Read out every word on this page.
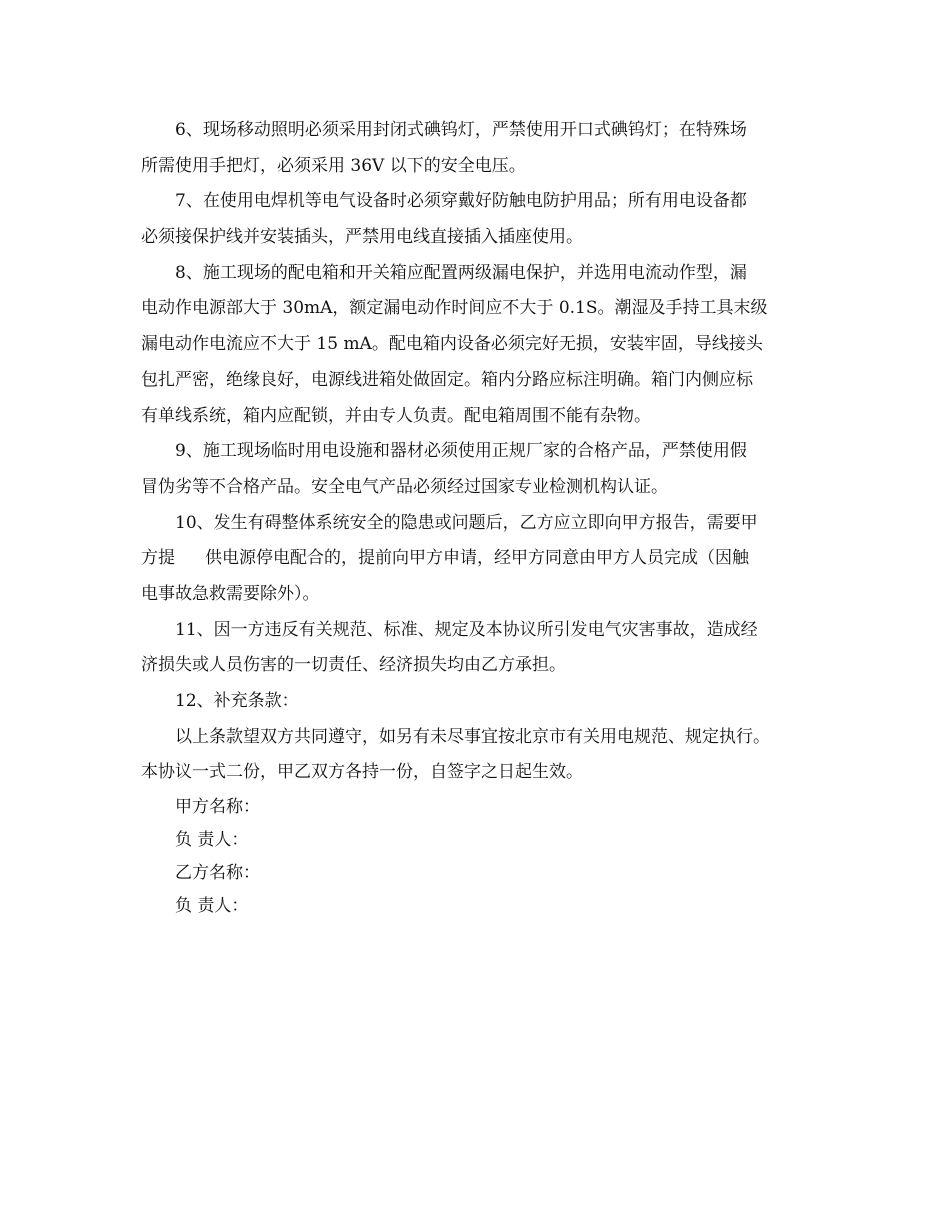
6、现场移动照明必须采用封闭式碘钨灯，严禁使用开口式碘钨灯；在特殊场
所需使用手把灯，必须采用 36V 以下的安全电压。
7、在使用电焊机等电气设备时必须穿戴好防触电防护用品；所有用电设备都
必须接保护线并安装插头，严禁用电线直接插入插座使用。
8、施工现场的配电箱和开关箱应配置两级漏电保护，并选用电流动作型，漏
电动作电源部大于 30mA，额定漏电动作时间应不大于 0.1S。潮湿及手持工具末级
漏电动作电流应不大于 15 mA。配电箱内设备必须完好无损，安装牢固，导线接头
包扎严密，绝缘良好，电源线进箱处做固定。箱内分路应标注明确。箱门内侧应标
有单线系统，箱内应配锁，并由专人负责。配电箱周围不能有杂物。
9、施工现场临时用电设施和器材必须使用正规厂家的合格产品，严禁使用假
冒伪劣等不合格产品。安全电气产品必须经过国家专业检测机构认证。
10、发生有碍整体系统安全的隐患或问题后，乙方应立即向甲方报告，需要甲
方提 供电源停电配合的，提前向甲方申请，经甲方同意由甲方人员完成（因触
电事故急救需要除外）。
11、因一方违反有关规范、标准、规定及本协议所引发电气灾害事故，造成经
济损失或人员伤害的一切责任、经济损失均由乙方承担。
12、补充条款：
以上条款望双方共同遵守，如另有未尽事宜按北京市有关用电规范、规定执行。
本协议一式二份，甲乙双方各持一份，自签字之日起生效。
甲方名称：
负 责人：
乙方名称：
负 责人：
